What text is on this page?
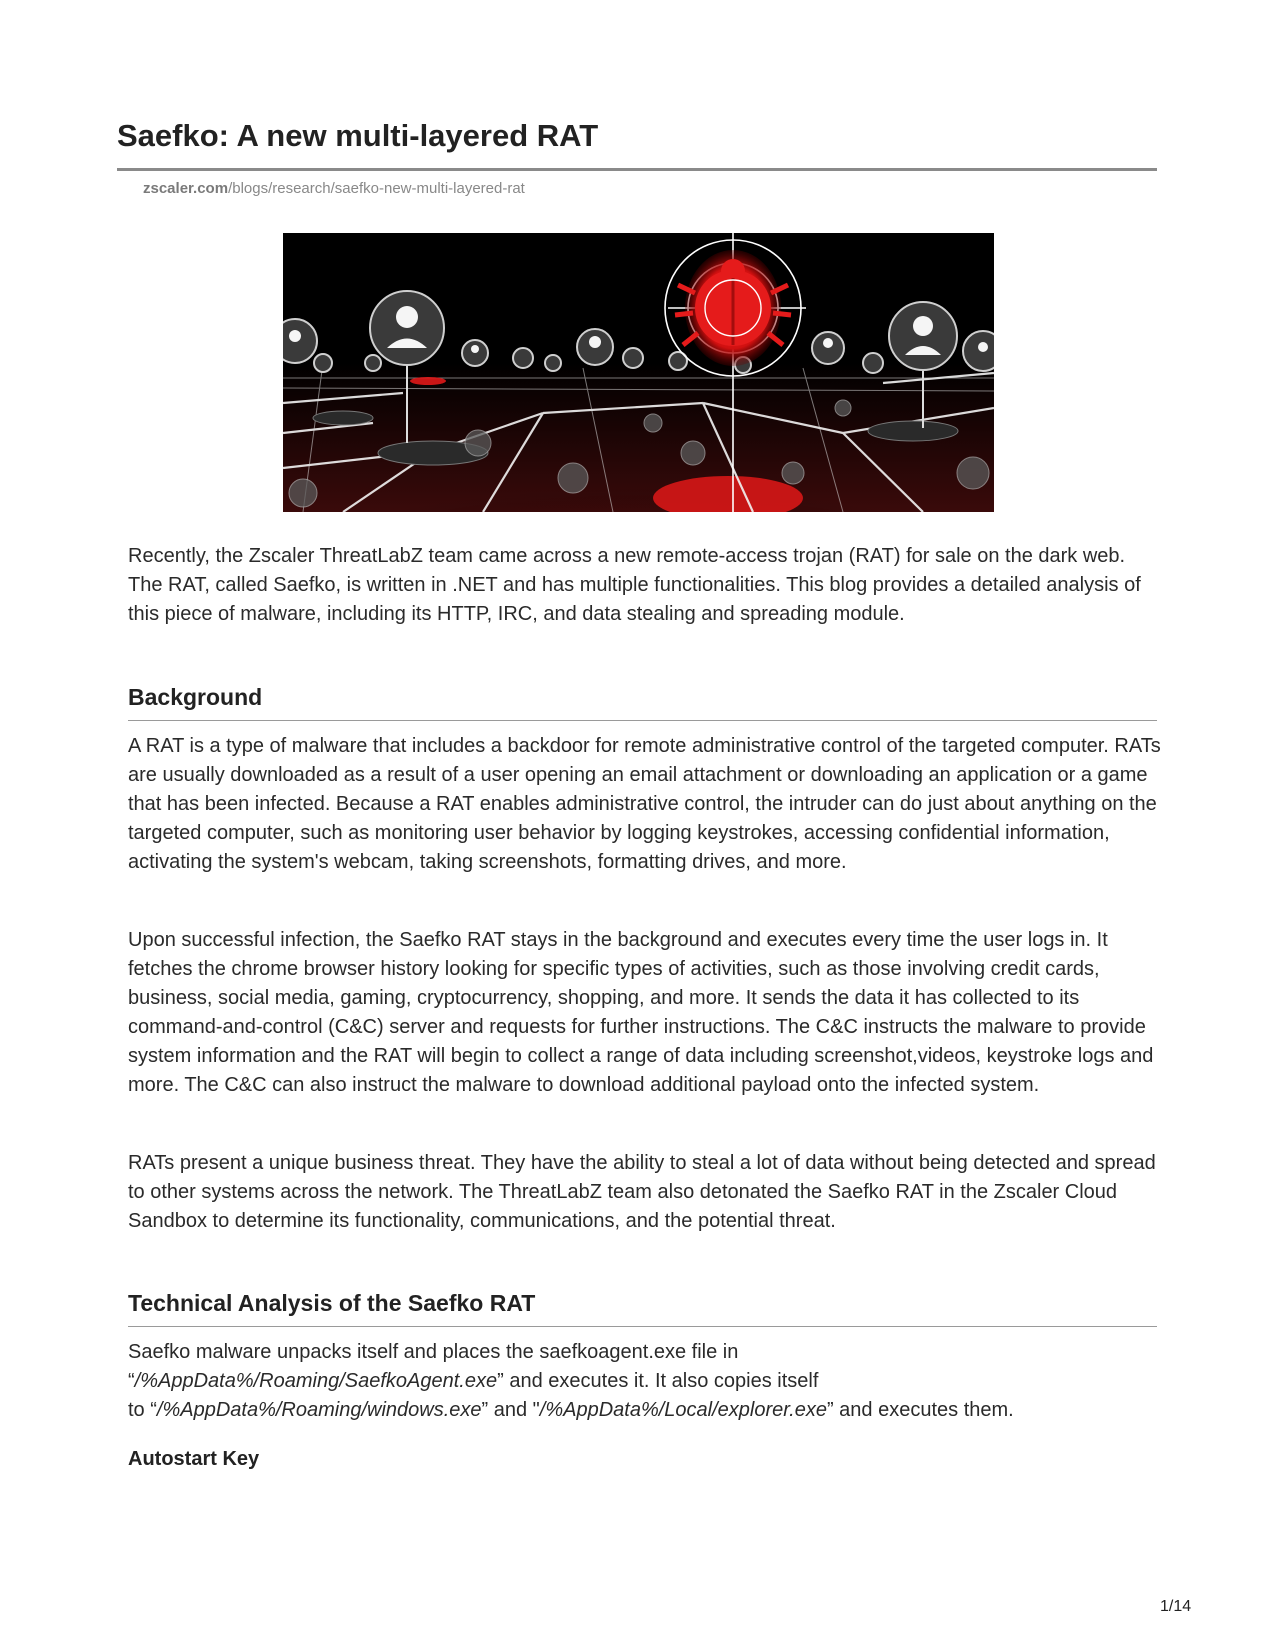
Saefko: A new multi-layered RAT
zscaler.com/blogs/research/saefko-new-multi-layered-rat

Recently, the Zscaler ThreatLabZ team came across a new remote-access trojan (RAT) for sale on the dark web. The RAT, called Saefko, is written in .NET and has multiple functionalities. This blog provides a detailed analysis of this piece of malware, including its HTTP, IRC, and data stealing and spreading module.

Background

A RAT is a type of malware that includes a backdoor for remote administrative control of the targeted computer. RATs are usually downloaded as a result of a user opening an email attachment or downloading an application or a game that has been infected. Because a RAT enables administrative control, the intruder can do just about anything on the targeted computer, such as monitoring user behavior by logging keystrokes, accessing confidential information, activating the system's webcam, taking screenshots, formatting drives, and more.

Upon successful infection, the Saefko RAT stays in the background and executes every time the user logs in. It fetches the chrome browser history looking for specific types of activities, such as those involving credit cards, business, social media, gaming, cryptocurrency, shopping, and more. It sends the data it has collected to its command-and-control (C&C) server and requests for further instructions. The C&C instructs the malware to provide system information and the RAT will begin to collect a range of data including screenshot,videos, keystroke logs and more. The C&C can also instruct the malware to download additional payload onto the infected system.

RATs present a unique business threat. They have the ability to steal a lot of data without being detected and spread to other systems across the network. The ThreatLabZ team also detonated the Saefko RAT in the Zscaler Cloud Sandbox to determine its functionality, communications, and the potential threat.

Technical Analysis of the Saefko RAT

Saefko malware unpacks itself and places the saefkoagent.exe file in
“/%AppData%/Roaming/SaefkoAgent.exe” and executes it. It also copies itself
to “/%AppData%/Roaming/windows.exe” and "/%AppData%/Local/explorer.exe” and executes them.

Autostart Key
1/14
